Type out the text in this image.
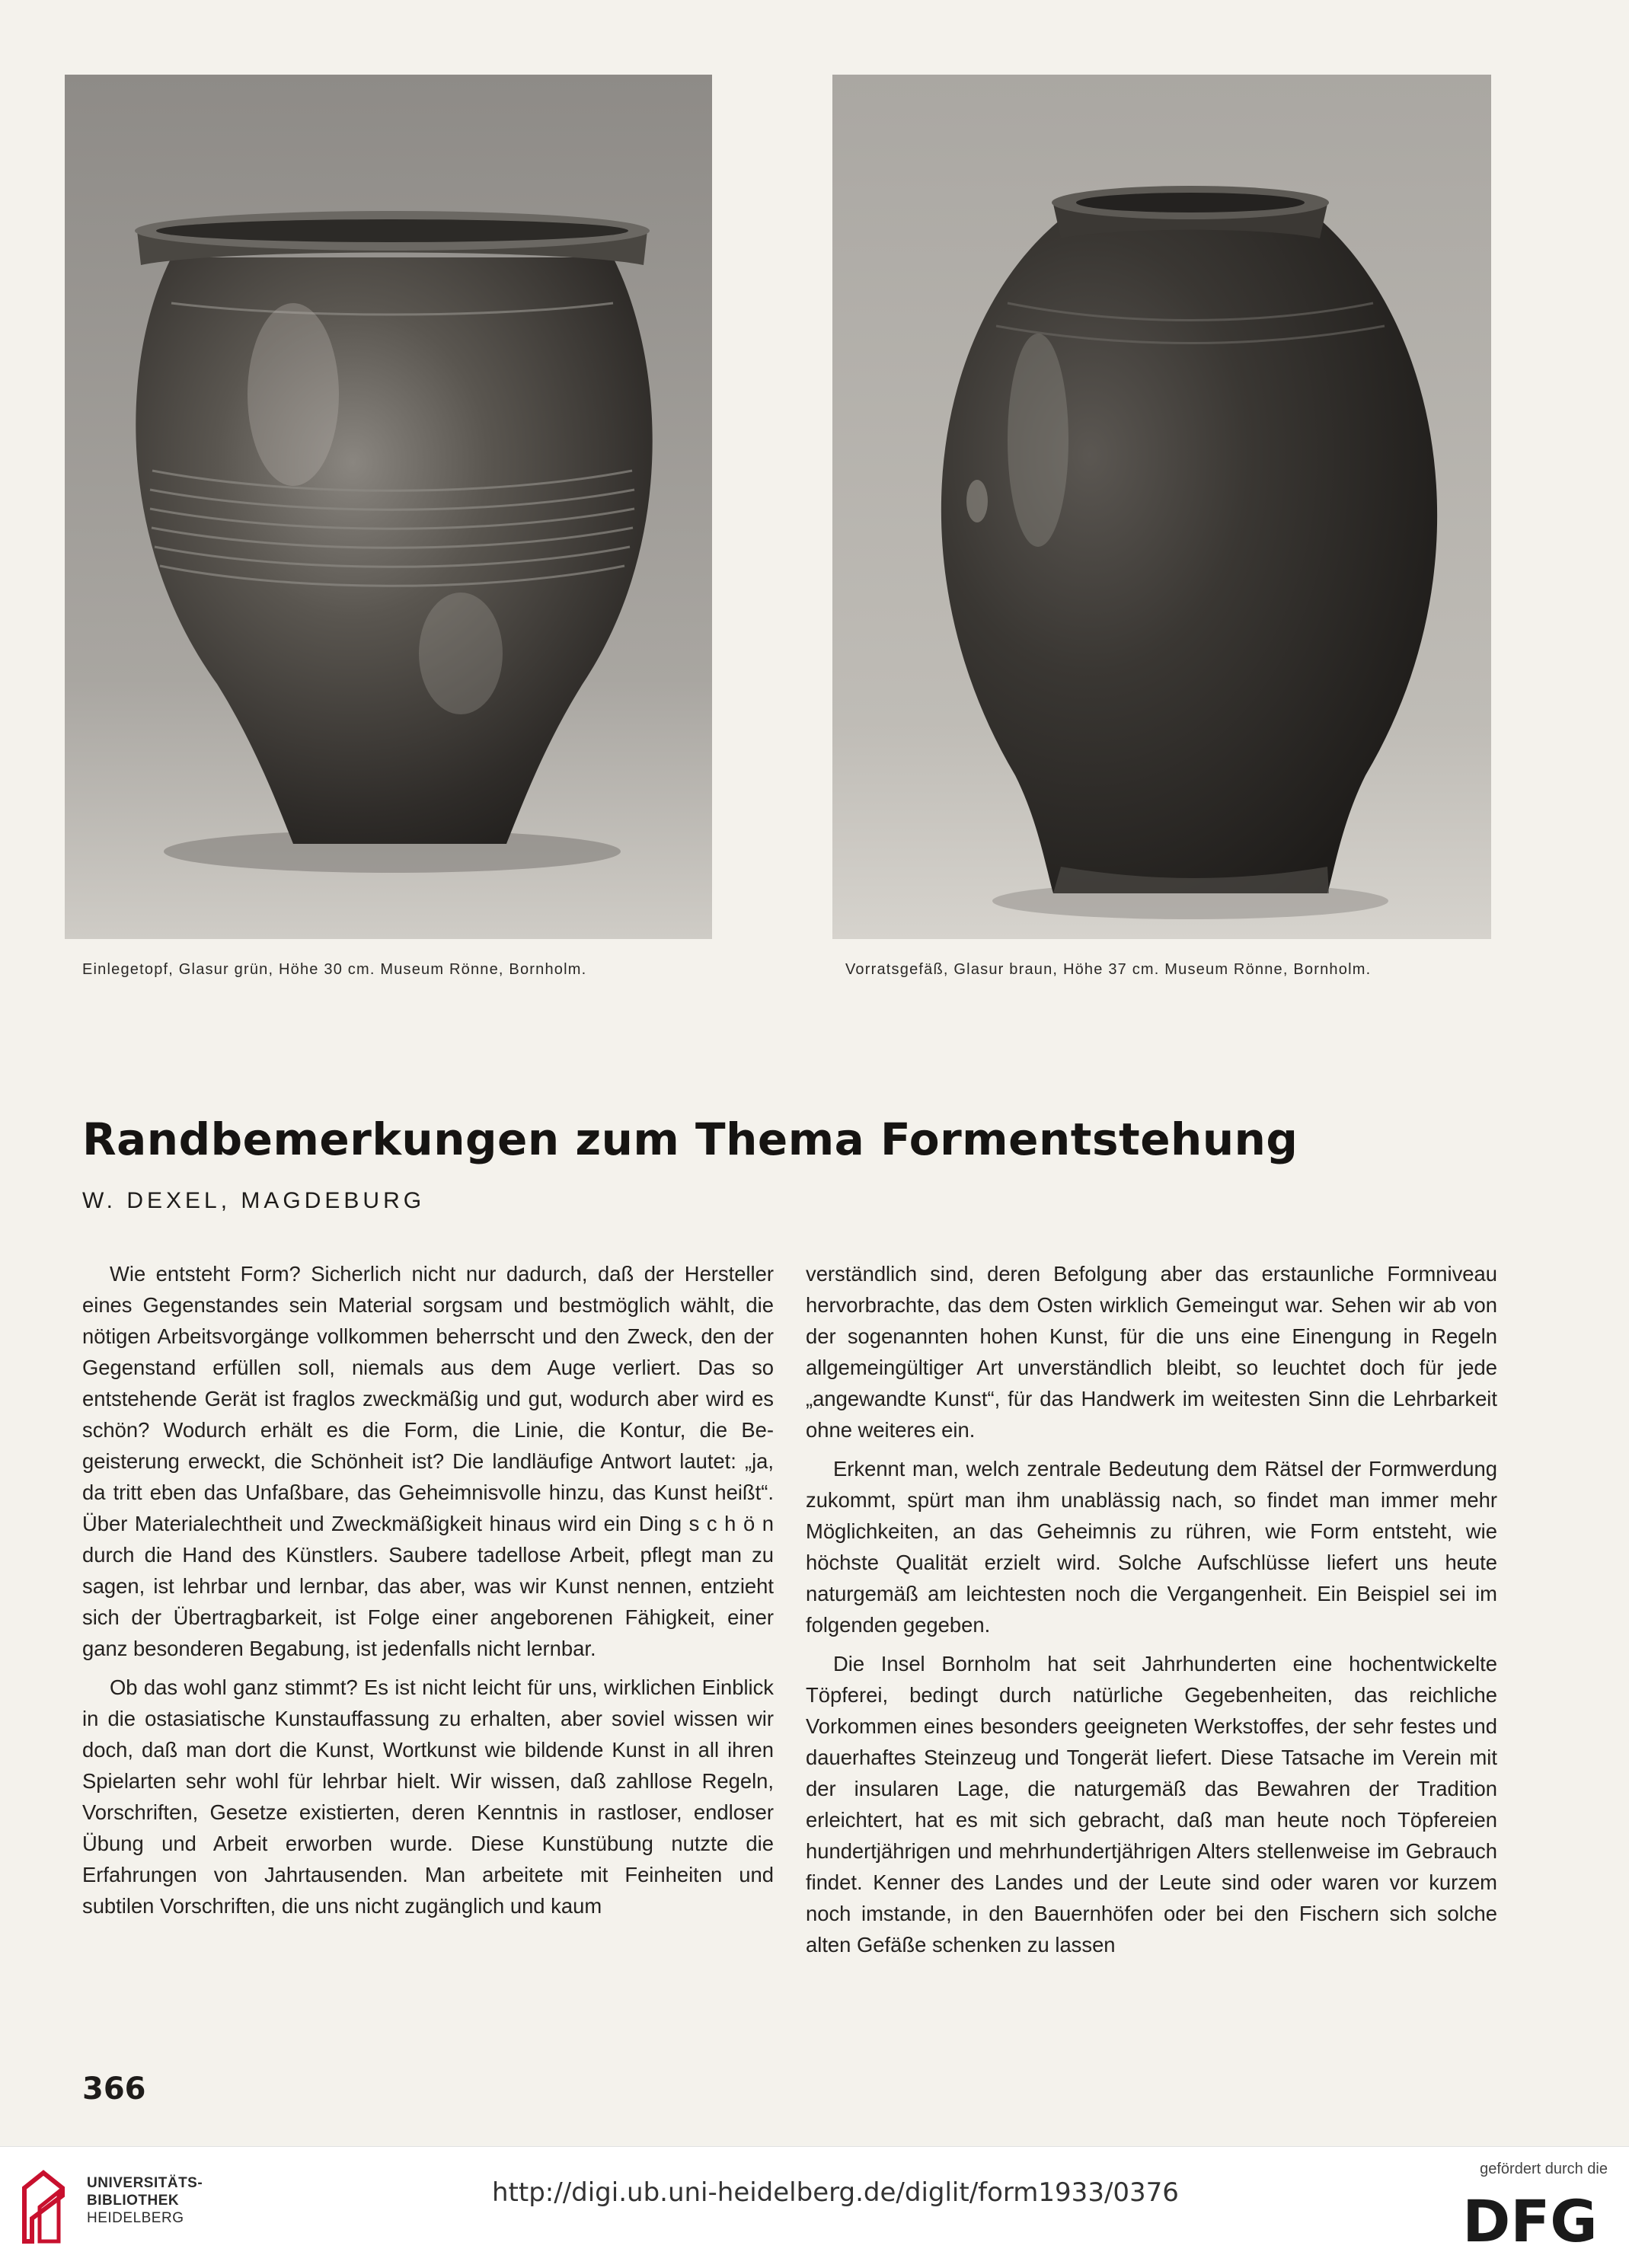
Einlegetopf, Glasur grün, Höhe 30 cm. Museum Rönne, Bornholm.	Vorratsgefäß, Glasur braun, Höhe 37 cm. Museum Rönne, Bornholm.
Randbemerkungen zum Thema Formentstehung
W. DEXEL, MAGDEBURG

Wie entsteht Form? Sicherlich nicht nur dadurch, daß der Hersteller eines Gegenstandes sein Material sorgsam und bestmöglich wählt, die nötigen Arbeitsvorgänge vollkommen beherrscht und den Zweck, den der Gegenstand erfüllen soll, niemals aus dem Auge verliert. Das so entstehende Gerät ist fraglos zweckmäßig und gut, wodurch aber wird es schön? Wodurch erhält es die Form, die Linie, die Kontur, die Begeisterung erweckt, die Schönheit ist? Die landläufige Antwort lautet: „ja, da tritt eben das Unfaßbare, das Geheimnisvolle hinzu, das Kunst heißt“. Über Materialechtheit und Zweckmäßigkeit hinaus wird ein Ding s c h ö n durch die Hand des Künstlers. Saubere tadellose Arbeit, pflegt man zu sagen, ist lehrbar und lernbar, das aber, was wir Kunst nennen, entzieht sich der Übertragbarkeit, ist Folge einer angeborenen Fähigkeit, einer ganz besonderen Begabung, ist jedenfalls nicht lernbar.

Ob das wohl ganz stimmt? Es ist nicht leicht für uns, wirklichen Einblick in die ostasiatische Kunstauffassung zu erhalten, aber soviel wissen wir doch, daß man dort die Kunst, Wortkunst wie bildende Kunst in all ihren Spielarten sehr wohl für lehrbar hielt. Wir wissen, daß zahllose Regeln, Vorschriften, Gesetze existierten, deren Kenntnis in rastloser, endloser Übung und Arbeit erworben wurde. Diese Kunstübung nutzte die Erfahrungen von Jahrtausenden. Man arbeitete mit Feinheiten und subtilen Vorschriften, die uns nicht zugänglich und kaum

verständlich sind, deren Befolgung aber das erstaunliche Formniveau hervorbrachte, das dem Osten wirklich Gemeingut war. Sehen wir ab von der sogenannten hohen Kunst, für die uns eine Einengung in Regeln allgemeingültiger Art unverständlich bleibt, so leuchtet doch für jede „angewandte Kunst“, für das Handwerk im weitesten Sinn die Lehrbarkeit ohne weiteres ein.

Erkennt man, welch zentrale Bedeutung dem Rätsel der Formwerdung zukommt, spürt man ihm unablässig nach, so findet man immer mehr Möglichkeiten, an das Geheimnis zu rühren, wie Form entsteht, wie höchste Qualität erzielt wird. Solche Aufschlüsse liefert uns heute naturgemäß am leichtesten noch die Vergangenheit. Ein Beispiel sei im folgenden gegeben.

Die Insel Bornholm hat seit Jahrhunderten eine hochentwickelte Töpferei, bedingt durch natürliche Gegebenheiten, das reichliche Vorkommen eines besonders geeigneten Werkstoffes, der sehr festes und dauerhaftes Steinzeug und Tongerät liefert. Diese Tatsache im Verein mit der insularen Lage, die naturgemäß das Bewahren der Tradition erleichtert, hat es mit sich gebracht, daß man heute noch Töpfereien hundertjährigen und mehrhundertjährigen Alters stellenweise im Gebrauch findet. Kenner des Landes und der Leute sind oder waren vor kurzem noch imstande, in den Bauernhöfen oder bei den Fischern sich solche alten Gefäße schenken zu lassen

366
UNIVERSITÄTS-
BIBLIOTHEK
HEIDELBERG
http://digi.ub.uni-heidelberg.de/diglit/form1933/0376
gefördert durch die
DFG
